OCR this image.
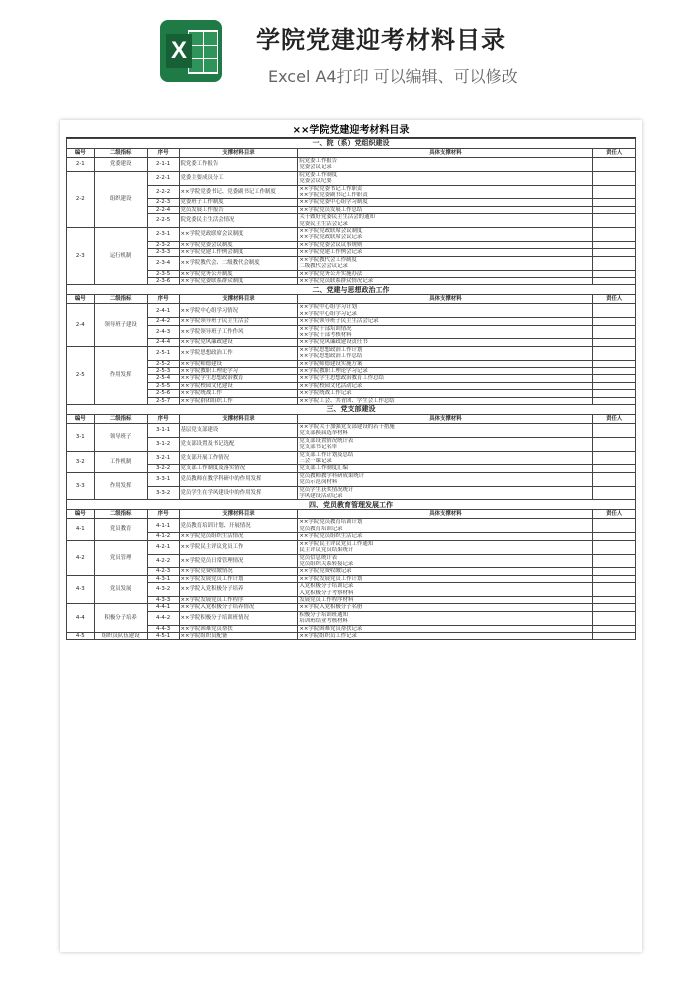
X	学院党建迎考材料目录
Excel A4打印 可以编辑、可以修改
××学院党建迎考材料目录
一、院（系）党组织建设					
编号	二级指标	序号	支撑材料目录	具体支撑材料	责任人
2-1	党委建设	2-1-1	院党委工作报告	院党委工作报告
党委会议记录	

2-2	组织建设	2-2-1	党委主要成员分工	院党委工作制度
党委会议纪要	

		2-2-2	××学院党委书记、党委副书记工作制度	××学院党委书记工作职责
××学院党委副书记工作职责	

		2-2-3	党委班子工作制度	××学院党委中心组学习制度	

		2-2-4	党员发展工作报告	××学院党员发展工作总结	

		2-2-5	院党委民主生活会情况	关于做好党委民主生活会的通知
党委民主生活会记录	

2-3	运行机制	2-3-1	××学院党政联席会议制度	××学院党政联席会议制度
××学院党政联席会议记录	

		2-3-2	××学院党委会议制度	××学院党委会议议事规则	

		2-3-3	××学院党建工作例会制度	××学院党建工作例会记录	

		2-3-4	××学院教代会、二级教代会制度	××学院教代会工作制度
二级教代会会议记录	

		2-3-5	××学院党务公开制度	××学院党务公开实施办法	

		2-3-6	××学院党委联系群众制度	××学院党员联系群众情况记录	

二、党建与思想政治工作					
编号	二级指标	序号	支撑材料目录	具体支撑材料	责任人
2-4	领导班子建设	2-4-1	××学院中心组学习情况	××学院中心组学习计划
××学院中心组学习记录	

		2-4-2	××学院领导班子民主生活会	××学院领导班子民主生活会记录	

		2-4-3	××学院领导班子工作作风	××学院干部培训情况
××学院干部考核材料	

		2-4-4	××学院党风廉政建设	××学院党风廉政建设责任书	

2-5	作用发挥	2-5-1	××学院思想政治工作	××学院思想政治工作计划
××学院思想政治工作总结	

		2-5-2	××学院师德建设	××学院师德建设实施方案	

		2-5-3	××学院教职工理论学习	××学院教职工理论学习记录	

		2-5-4	××学院学生思想政治教育	××学院学生思想政治教育工作总结	

		2-5-5	××学院校园文化建设	××学院校园文化活动记录	

		2-5-6	××学院统战工作	××学院统战工作记录	

		2-5-7	××学院群团组织工作	××学院工会、共青团、学生会工作总结	

三、党支部建设					
编号	二级指标	序号	支撑材料目录	具体支撑材料	责任人
3-1	领导班子	3-1-1	基层党支部建设	××学院关于加强党支部建设的若干措施
党支部换届选举材料	

		3-1-2	党支部设置及书记选配	党支部设置情况统计表
党支部书记名单	

3-2	工作机制	3-2-1	党支部开展工作情况	党支部工作计划及总结
三会一课记录	

		3-2-2	党支部工作制度及落实情况	党支部工作制度汇编	

3-3	作用发挥	3-3-1	党员教师在教学科研中的作用发挥	党员教师教学科研成果统计
党员示范岗材料	

		3-3-2	党员学生在学风建设中的作用发挥	党员学生获奖情况统计
学风建设活动记录	

四、党员教育管理发展工作					
编号	二级指标	序号	支撑材料目录	具体支撑材料	责任人
4-1	党员教育	4-1-1	党员教育培训计划、开展情况	××学院党员教育培训计划
党员教育培训记录	

		4-1-2	××学院党员组织生活情况	××学院党员组织生活记录	

4-2	党员管理	4-2-1	××学院民主评议党员工作	××学院民主评议党员工作通知
民主评议党员结果统计	

		4-2-2	××学院党员日常管理情况	党员信息统计表
党员组织关系转接记录	

		4-2-3	××学院党费收缴情况	××学院党费收缴记录	

4-3	党员发展	4-3-1	××学院发展党员工作计划	××学院发展党员工作计划	

		4-3-2	××学院入党积极分子培养	入党积极分子培训记录
入党积极分子考察材料	

		4-3-3	××学院发展党员工作程序	发展党员工作程序材料	

4-4	积极分子培养	4-4-1	××学院入党积极分子培养情况	××学院入党积极分子名册	

		4-4-2	××学院积极分子培训班情况	积极分子培训班通知
培训班结业考核材料	

		4-4-3	××学院困难党员帮扶	××学院困难党员帮扶记录	

4-5	组织员队伍建设	4-5-1	××学院组织员配备	××学院组织员工作记录	
